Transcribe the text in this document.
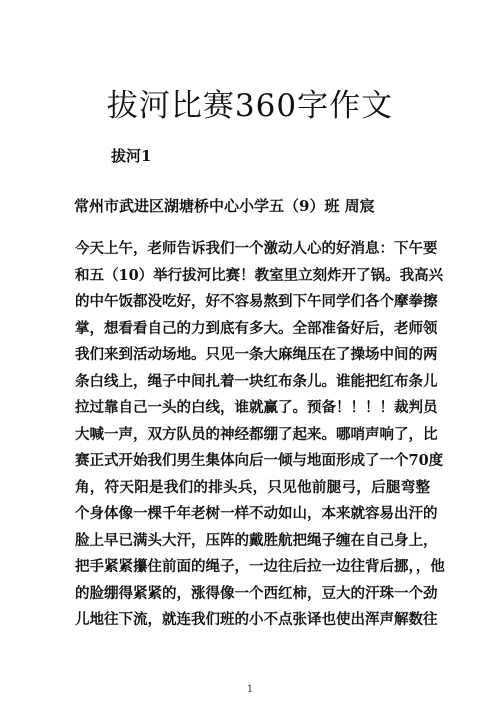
拔河比赛360字作文
拔河1
常州市武进区湖塘桥中心小学五（9）班 周宸
今天上午，老师告诉我们一个激动人心的好消息：下午要
和五（10）举行拔河比赛！教室里立刻炸开了锅。我高兴
的中午饭都没吃好，好不容易熬到下午同学们各个摩拳擦
掌，想看看自己的力到底有多大。全部准备好后，老师领
我们来到活动场地。只见一条大麻绳压在了操场中间的两
条白线上，绳子中间扎着一块红布条儿。谁能把红布条儿
拉过靠自己一头的白线，谁就赢了。预备！！！！裁判员
大喊一声，双方队员的神经都绷了起来。哪哨声响了，比
赛正式开始我们男生集体向后一倾与地面形成了一个70度
角，符天阳是我们的排头兵，只见他前腿弓，后腿弯整
个身体像一棵千年老树一样不动如山，本来就容易出汗的
脸上早已满头大汗，压阵的戴胜航把绳子缠在自己身上，
把手紧紧攥住前面的绳子，一边往后拉一边往背后挪，，他
的脸绷得紧紧的，涨得像一个西红柿，豆大的汗珠一个劲
儿地往下流，就连我们班的小不点张译也使出浑声解数往
1
